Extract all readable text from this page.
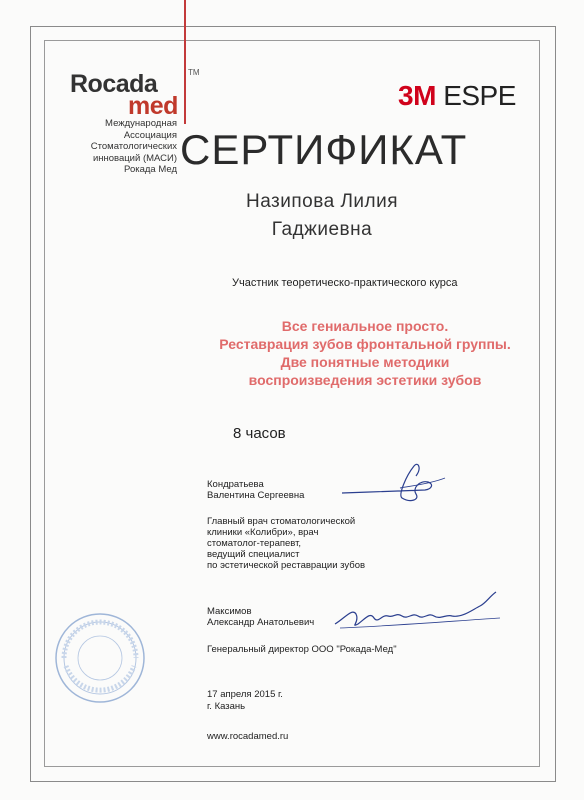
Rocada
med
TM
Международная
Ассоциация
Стоматологических
инноваций (МАСИ)
Рокада Мед
3M ESPE
СЕРТИФИКАТ
Назипова Лилия
Гаджиевна
Участник теоретическо-практического курса
Все гениальное просто.
Реставрация зубов фронтальной группы.
Две понятные методики
воспроизведения эстетики зубов
8 часов
Кондратьева
Валентина Сергеевна
Главный врач стоматологической
клиники «Колибри», врач
стоматолог-терапевт,
ведущий специалист
по эстетической реставрации зубов
Максимов
Александр Анатольевич
Генеральный директор ООО "Рокада-Мед"
17 апреля 2015 г.
г. Казань
www.rocadamed.ru
